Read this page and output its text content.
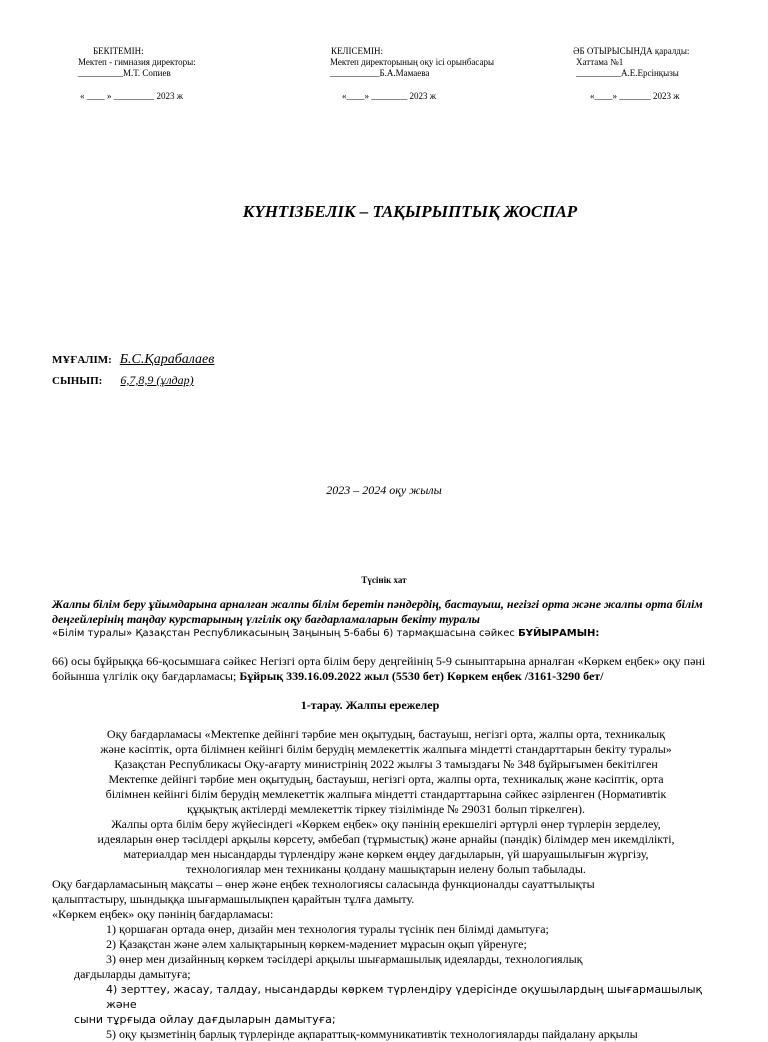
БЕКІТЕМІН:
Мектеп - гимназия директоры:
__________М.Т. Сопиев
« ____ » _________ 2023 ж
КЕЛІСЕМІН:
Мектеп директорының оқу ісі орынбасары
___________Б.А.Мамаева
«____» ________ 2023 ж
ӘБ ОТЫРЫСЫНДА қаралды:
Хаттама №1
__________А.Е.Ерсінқызы
«____» _______ 2023 ж
КҮНТІЗБЕЛІК – ТАҚЫРЫПТЫҚ ЖОСПАР
МҰҒАЛІМ: Б.С.Қарабалаев
СЫНЫП: 6,7,8,9 (ұлдар)
2023 – 2024 оқу жылы
Түсінік хат
Жалпы білім беру ұйымдарына арналған жалпы білім беретін пәндердің, бастауыш, негізгі орта және жалпы орта білім деңгейлерінің таңдау курстарының үлгілік оқу бағдарламаларын бекіту туралы
«Білім туралы» Қазақстан Республикасының Заңының 5-бабы 6) тармақшасына сәйкес БҰЙЫРАМЫН:
66) осы бұйрыққа 66-қосымшаға сәйкес Негізгі орта білім беру деңгейінің 5-9 сыныптарына арналған «Көркем еңбек» оқу пәні бойынша үлгілік оқу бағдарламасы; Бұйрық 339.16.09.2022 жыл (5530 бет) Көркем еңбек /3161-3290 бет/
1-тарау. Жалпы ережелер

Оқу бағдарламасы «Мектепке дейінгі тәрбие мен оқытудың, бастауыш, негізгі орта, жалпы орта, техникалық

және кәсіптік, орта білімнен кейінгі білім берудің мемлекеттік жалпыға міндетті стандарттарын бекіту туралы»

Қазақстан Республикасы Оқу-ағарту министрінің 2022 жылғы 3 тамыздағы № 348 бұйрығымен бекітілген

Мектепке дейінгі тәрбие мен оқытудың, бастауыш, негізгі орта, жалпы орта, техникалық және кәсіптік, орта

білімнен кейінгі білім берудің мемлекеттік жалпыға міндетті стандарттарына сәйкес әзірленген (Нормативтік

құқықтық актілерді мемлекеттік тіркеу тізілімінде № 29031 болып тіркелген).

Жалпы орта білім беру жүйесіндегі «Көркем еңбек» оқу пәнінің ерекшелігі әртүрлі өнер түрлерін зерделеу,

идеяларын өнер тәсілдері арқылы көрсету, әмбебап (тұрмыстық) және арнайы (пәндік) білімдер мен икемділікті,

материалдар мен нысандарды түрлендіру және көркем өңдеу дағдыларын, үй шаруашылығын жүргізу,

технологиялар мен техниканы қолдану машықтарын иелену болып табылады.

Оқу бағдарламасының мақсаты – өнер және еңбек технологиясы саласында функционалды сауаттылықты

қалыптастыру, шындыққа шығармашылықпен қарайтын тұлға дамыту.

«Көркем еңбек» оқу пәнінің бағдарламасы:

1) қоршаған ортада өнер, дизайн мен технология туралы түсінік пен білімді дамытуға;

2) Қазақстан және әлем халықтарының көркем-мәдениет мұрасын оқып үйренуге;

3) өнер мен дизайнның көркем тәсілдері арқылы шығармашылық идеяларды, технологиялық

дағдыларды дамытуға;

4) зерттеу, жасау, талдау, нысандарды көркем түрлендіру үдерісінде оқушылардың шығармашылық және

сыни тұрғыда ойлау дағдыларын дамытуға;

5) оқу қызметінің барлық түрлерінде ақпараттық-коммуникативтік технологияларды пайдалану арқылы
